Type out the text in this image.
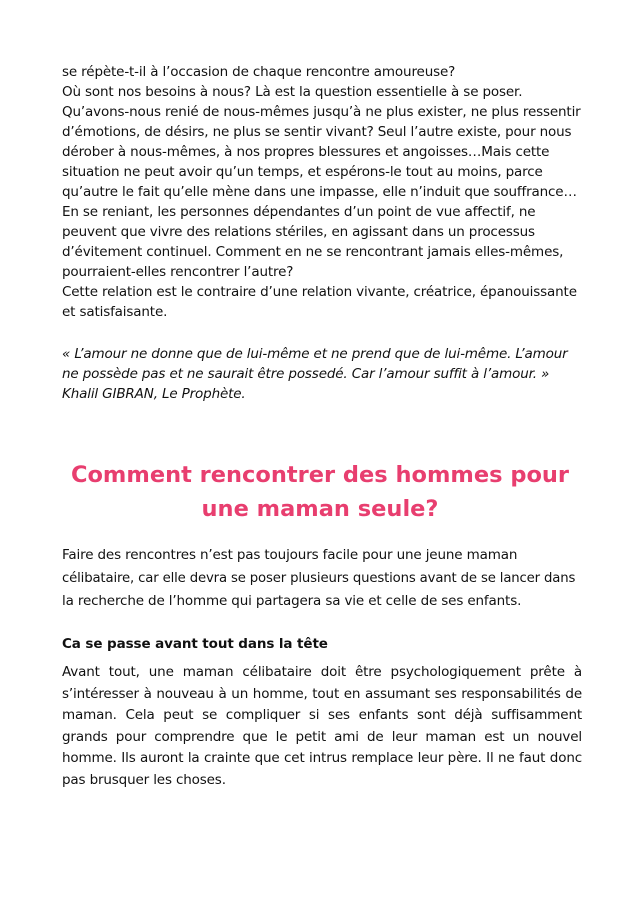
se répète-t-il à l’occasion de chaque rencontre amoureuse?
Où sont nos besoins à nous? Là est la question essentielle à se poser.
Qu’avons-nous renié de nous-mêmes jusqu’à ne plus exister, ne plus ressentir
d’émotions, de désirs, ne plus se sentir vivant? Seul l’autre existe, pour nous
dérober à nous-mêmes, à nos propres blessures et angoisses…Mais cette
situation ne peut avoir qu’un temps, et espérons-le tout au moins, parce
qu’autre le fait qu’elle mène dans une impasse, elle n’induit que souffrance…
En se reniant, les personnes dépendantes d’un point de vue affectif, ne
peuvent que vivre des relations stériles, en agissant dans un processus
d’évitement continuel. Comment en ne se rencontrant jamais elles-mêmes,
pourraient-elles rencontrer l’autre?
Cette relation est le contraire d’une relation vivante, créatrice, épanouissante
et satisfaisante.
« L’amour ne donne que de lui-même et ne prend que de lui-même. L’amour
ne possède pas et ne saurait être possedé. Car l’amour suffit à l’amour. »
Khalil GIBRAN, Le Prophète.
Comment rencontrer des hommes pour
une maman seule?
Faire des rencontres n’est pas toujours facile pour une jeune maman
célibataire, car elle devra se poser plusieurs questions avant de se lancer dans
la recherche de l’homme qui partagera sa vie et celle de ses enfants.
Ca se passe avant tout dans la tête
Avant tout, une maman célibataire doit être psychologiquement prête à
s’intéresser à nouveau à un homme, tout en assumant ses responsabilités de
maman. Cela peut se compliquer si ses enfants sont déjà suffisamment
grands pour comprendre que le petit ami de leur maman est un nouvel
homme. Ils auront la crainte que cet intrus remplace leur père. Il ne faut donc
pas brusquer les choses.
